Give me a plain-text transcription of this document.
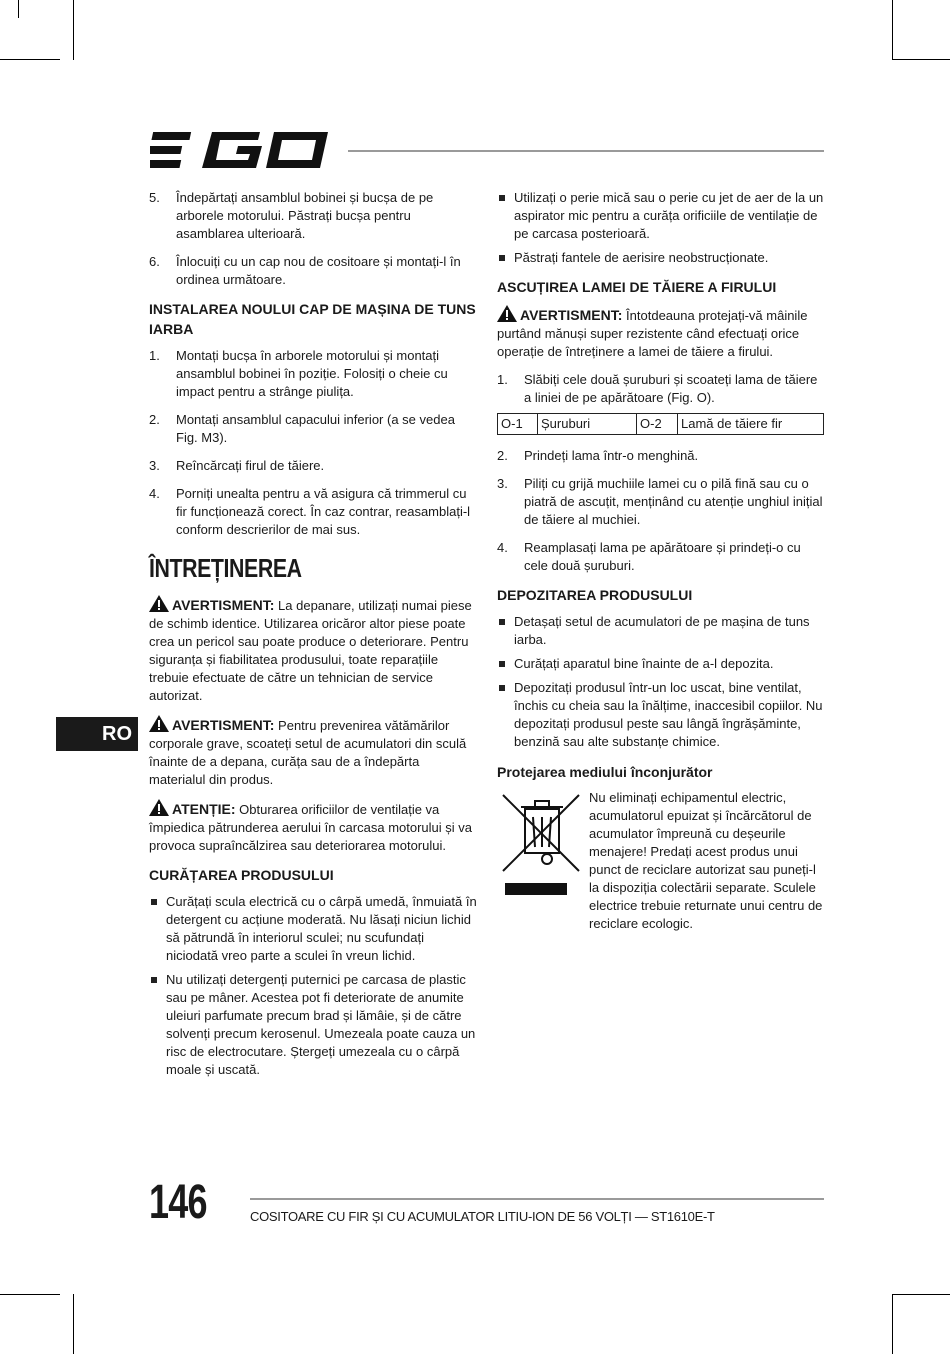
5. Îndepărtați ansamblul bobinei și bucșa de pe arborele motorului. Păstrați bucșa pentru asamblarea ulterioară.
6. Înlocuiți cu un cap nou de cositoare și montați-l în ordinea următoare.
INSTALAREA NOULUI CAP DE MAȘINA DE TUNS IARBA
1. Montați bucșa în arborele motorului și montați ansamblul bobinei în poziție. Folosiți o cheie cu impact pentru a strânge piulița.
2. Montați ansamblul capacului inferior (a se vedea Fig. M3).
3. Reîncărcați firul de tăiere.
4. Porniți unealta pentru a vă asigura că trimmerul cu fir funcționează corect. În caz contrar, reasamblați-l conform descrierilor de mai sus.
ÎNTREȚINEREA
AVERTISMENT: La depanare, utilizați numai piese de schimb identice. Utilizarea oricăror altor piese poate crea un pericol sau poate produce o deteriorare. Pentru siguranța și fiabilitatea produsului, toate reparațiile trebuie efectuate de către un tehnician de service autorizat.
AVERTISMENT: Pentru prevenirea vătămărilor corporale grave, scoateți setul de acumulatori din sculă înainte de a depana, curăța sau de a îndepărta materialul din produs.
ATENȚIE: Obturarea orificiilor de ventilație va împiedica pătrunderea aerului în carcasa motorului și va provoca supraîncălzirea sau deteriorarea motorului.
CURĂȚAREA PRODUSULUI
Curățați scula electrică cu o cârpă umedă, înmuiată în detergent cu acțiune moderată. Nu lăsați niciun lichid să pătrundă în interiorul sculei; nu scufundați niciodată vreo parte a sculei în vreun lichid.
Nu utilizați detergenți puternici pe carcasa de plastic sau pe mâner. Acestea pot fi deteriorate de anumite uleiuri parfumate precum brad și lămâie, și de către solvenți precum kerosenul. Umezeala poate cauza un risc de electrocutare. Ștergeți umezeala cu o cârpă moale și uscată.
Utilizați o perie mică sau o perie cu jet de aer de la un aspirator mic pentru a curăța orificiile de ventilație de pe carcasa posterioară.
Păstrați fantele de aerisire neobstrucționate.
ASCUȚIREA LAMEI DE TĂIERE A FIRULUI
AVERTISMENT: Întotdeauna protejați-vă mâinile purtând mănuși super rezistente când efectuați orice operație de întreținere a lamei de tăiere a firului.
1. Slăbiți cele două șuruburi și scoateți lama de tăiere a liniei de pe apărătoare (Fig. O).
O-1	Șuruburi	O-2	Lamă de tăiere fir
2. Prindeți lama într-o menghină.
3. Piliți cu grijă muchiile lamei cu o pilă fină sau cu o piatră de ascuțit, menținând cu atenție unghiul inițial de tăiere al muchiei.
4. Reamplasați lama pe apărătoare și prindeți-o cu cele două șuruburi.
DEPOZITAREA PRODUSULUI
Detașați setul de acumulatori de pe mașina de tuns iarba.
Curățați aparatul bine înainte de a-l depozita.
Depozitați produsul într-un loc uscat, bine ventilat, închis cu cheia sau la înălțime, inaccesibil copiilor. Nu depozitați produsul peste sau lângă îngrășăminte, benzină sau alte substanțe chimice.
Protejarea mediului înconjurător
Nu eliminați echipamentul electric, acumulatorul epuizat și încărcătorul de acumulator împreună cu deșeurile menajere! Predați acest produs unui punct de reciclare autorizat sau puneți-l la dispoziția colectării separate. Sculele electrice trebuie returnate unui centru de reciclare ecologic.
RO
146	COSITOARE CU FIR ȘI CU ACUMULATOR LITIU-ION DE 56 VOLȚI — ST1610E-T
